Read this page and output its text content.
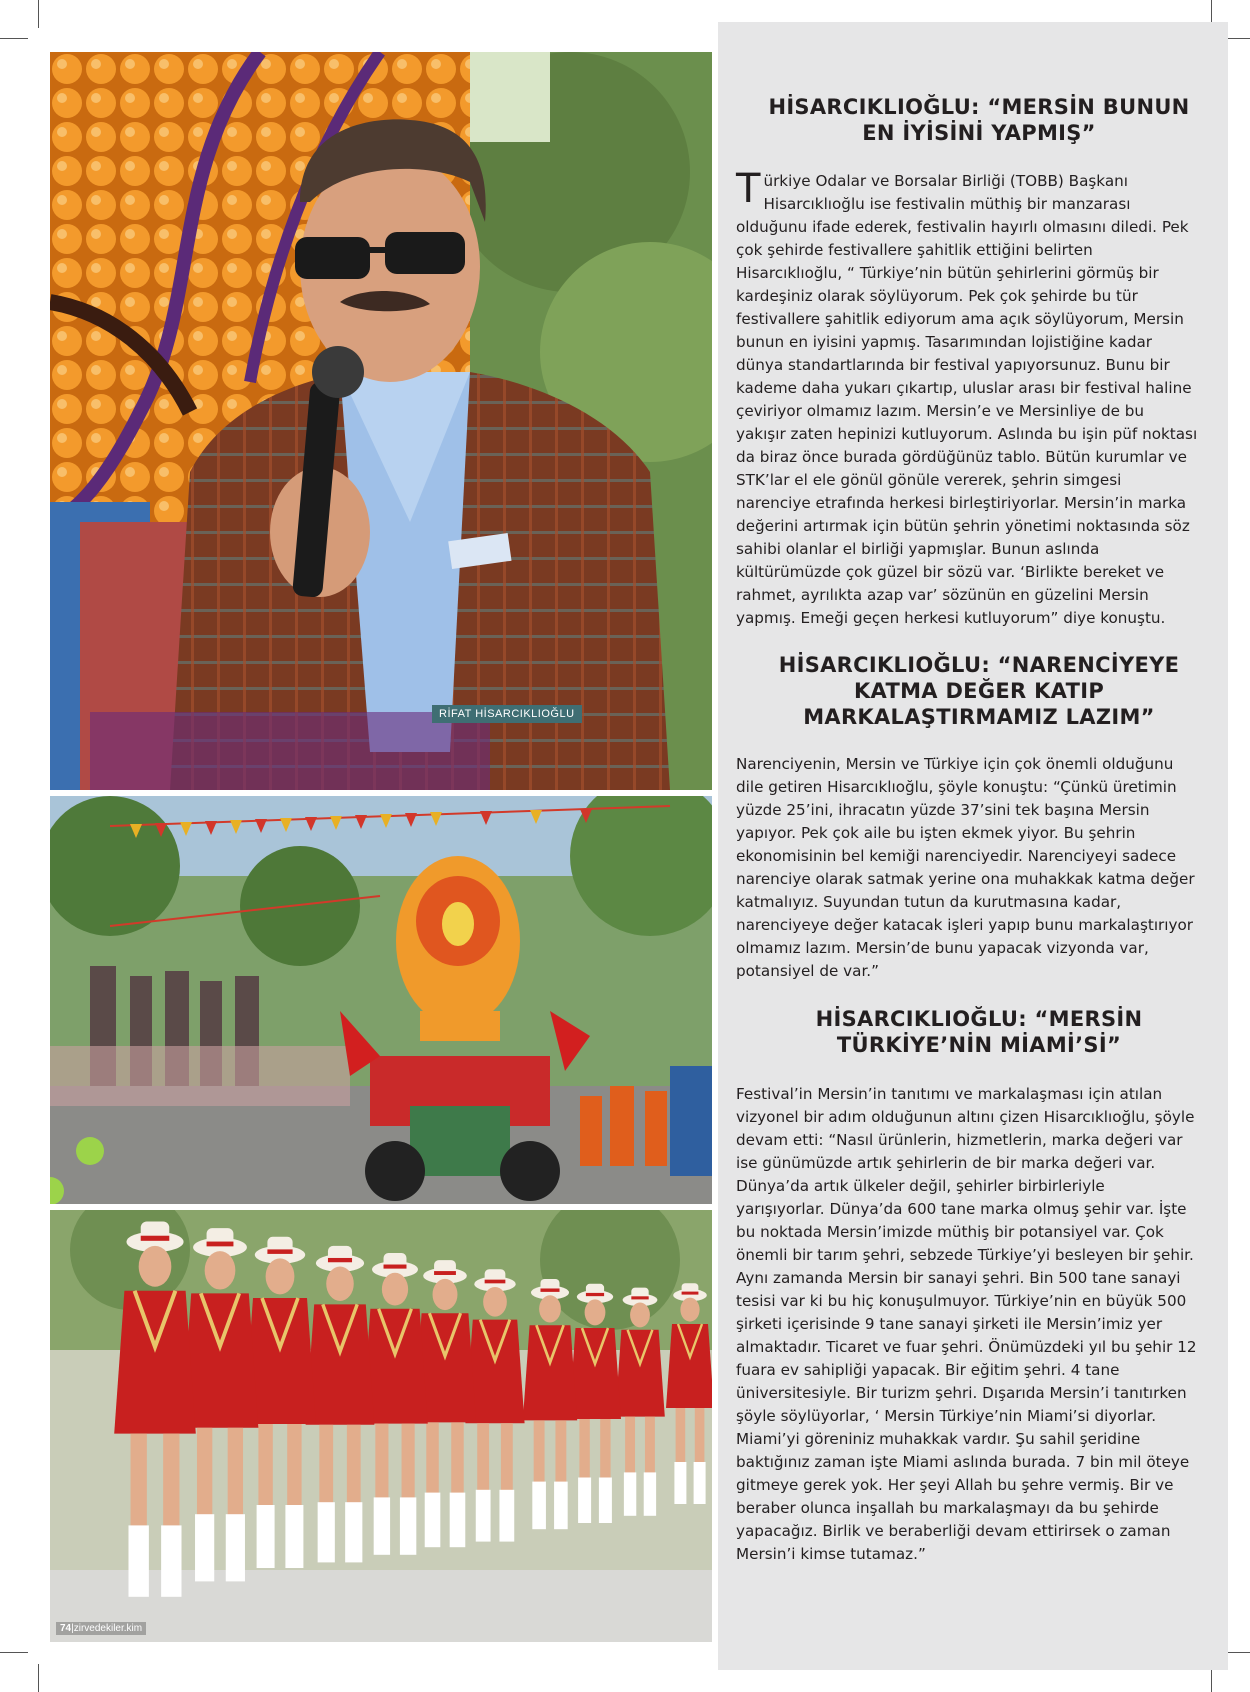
RİFAT HİSARCIKLIOĞLU
74|zirvedekiler.kim
HİSARCIKLIOĞLU: “MERSİN BUNUN EN İYİSİNİ YAPMIŞ”

Türkiye Odalar ve Borsalar Birliği (TOBB) Başkanı Hisarcıklıoğlu ise festivalin müthiş bir manzarası olduğunu ifade ederek, festivalin hayırlı olmasını diledi. Pek çok şehirde festivallere şahitlik ettiğini belirten Hisarcıklıoğlu, “ Türkiye’nin bütün şehirlerini görmüş bir kardeşiniz olarak söylüyorum. Pek çok şehirde bu tür festivallere şahitlik ediyorum ama açık söylüyorum, Mersin bunun en iyisini yapmış. Tasarımından lojistiğine kadar dünya standartlarında bir festival yapıyorsunuz. Bunu bir kademe daha yukarı çıkartıp, uluslar arası bir festival haline çeviriyor olmamız lazım. Mersin’e ve Mersinliye de bu yakışır zaten hepinizi kutluyorum. Aslında bu işin püf noktası da biraz önce burada gördüğünüz tablo. Bütün kurumlar ve STK’lar el ele gönül gönüle vererek, şehrin simgesi narenciye etrafında herkesi birleştiriyorlar. Mersin’in marka değerini artırmak için bütün şehrin yönetimi noktasında söz sahibi olanlar el birliği yapmışlar. Bunun aslında kültürümüzde çok güzel bir sözü var. ‘Birlikte bereket ve rahmet, ayrılıkta azap var’ sözünün en güzelini Mersin yapmış. Emeği geçen herkesi kutluyorum” diye konuştu.

HİSARCIKLIOĞLU: “NARENCİYEYE KATMA DEĞER KATIP MARKALAŞTIRMAMIZ LAZIM”

Narenciyenin, Mersin ve Türkiye için çok önemli olduğunu dile getiren Hisarcıklıoğlu, şöyle konuştu: “Çünkü üretimin yüzde 25’ini, ihracatın yüzde 37’sini tek başına Mersin yapıyor. Pek çok aile bu işten ekmek yiyor. Bu şehrin ekonomisinin bel kemiği narenciyedir. Narenciyeyi sadece narenciye olarak satmak yerine ona muhakkak katma değer katmalıyız. Suyundan tutun da kurutmasına kadar, narenciyeye değer katacak işleri yapıp bunu markalaştırıyor olmamız lazım. Mersin’de bunu yapacak vizyonda var, potansiyel de var.”

HİSARCIKLIOĞLU: “MERSİN TÜRKİYE’NİN MİAMİ’Sİ”

Festival’in Mersin’in tanıtımı ve markalaşması için atılan vizyonel bir adım olduğunun altını çizen Hisarcıklıoğlu, şöyle devam etti: “Nasıl ürünlerin, hizmetlerin, marka değeri var ise günümüzde artık şehirlerin de bir marka değeri var. Dünya’da artık ülkeler değil, şehirler birbirleriyle yarışıyorlar. Dünya’da 600 tane marka olmuş şehir var. İşte bu noktada Mersin’imizde müthiş bir potansiyel var. Çok önemli bir tarım şehri, sebzede Türkiye’yi besleyen bir şehir. Aynı zamanda Mersin bir sanayi şehri. Bin 500 tane sanayi tesisi var ki bu hiç konuşulmuyor. Türkiye’nin en büyük 500 şirketi içerisinde 9 tane sanayi şirketi ile Mersin’imiz yer almaktadır. Ticaret ve fuar şehri. Önümüzdeki yıl bu şehir 12 fuara ev sahipliği yapacak. Bir eğitim şehri. 4 tane üniversitesiyle. Bir turizm şehri. Dışarıda Mersin’i tanıtırken şöyle söylüyorlar, ‘ Mersin Türkiye’nin Miami’si diyorlar. Miami’yi göreniniz muhakkak vardır. Şu sahil şeridine baktığınız zaman işte Miami aslında burada. 7 bin mil öteye gitmeye gerek yok. Her şeyi Allah bu şehre vermiş. Bir ve beraber olunca inşallah bu markalaşmayı da bu şehirde yapacağız. Birlik ve beraberliği devam ettirirsek o zaman Mersin’i kimse tutamaz.”
